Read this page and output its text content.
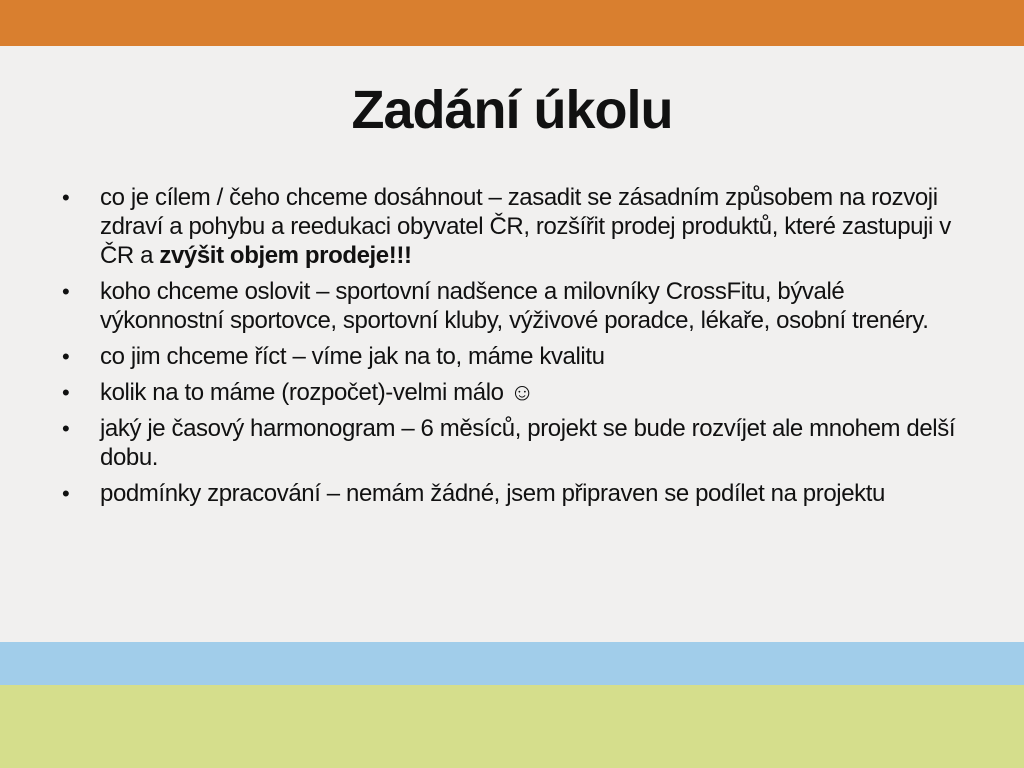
Zadání úkolu
• co je cílem / čeho chceme dosáhnout – zasadit se zásadním způsobem na rozvoji zdraví a pohybu a reedukaci obyvatel ČR, rozšířit prodej produktů, které zastupuji v ČR a zvýšit objem prodeje!!!
• koho chceme oslovit – sportovní nadšence a milovníky CrossFitu, bývalé výkonnostní sportovce, sportovní kluby, výživové poradce, lékaře, osobní trenéry.
• co jim chceme říct – víme jak na to, máme kvalitu
• kolik na to máme (rozpočet)-velmi málo ☺
• jaký je časový harmonogram – 6 měsíců, projekt se bude rozvíjet ale mnohem delší dobu.
• podmínky zpracování – nemám žádné, jsem připraven se podílet na projektu
